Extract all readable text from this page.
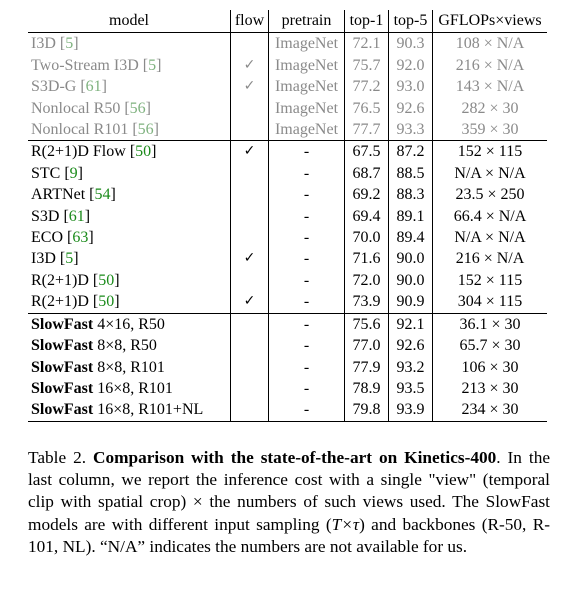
model	flow	pretrain	top-1	top-5	GFLOPs×views
I3D [5]		ImageNet	72.1	90.3	108 × N/A
Two-Stream I3D [5]	✓	ImageNet	75.7	92.0	216 × N/A
S3D-G [61]	✓	ImageNet	77.2	93.0	143 × N/A
Nonlocal R50 [56]		ImageNet	76.5	92.6	282 × 30
Nonlocal R101 [56]		ImageNet	77.7	93.3	359 × 30
R(2+1)D Flow [50]	✓	-	67.5	87.2	152 × 115
STC [9]		-	68.7	88.5	N/A × N/A
ARTNet [54]		-	69.2	88.3	23.5 × 250
S3D [61]		-	69.4	89.1	66.4 × N/A
ECO [63]		-	70.0	89.4	N/A × N/A
I3D [5]	✓	-	71.6	90.0	216 × N/A
R(2+1)D [50]		-	72.0	90.0	152 × 115
R(2+1)D [50]	✓	-	73.9	90.9	304 × 115
SlowFast 4×16, R50		-	75.6	92.1	36.1 × 30
SlowFast 8×8, R50		-	77.0	92.6	65.7 × 30
SlowFast 8×8, R101		-	77.9	93.2	106 × 30
SlowFast 16×8, R101		-	78.9	93.5	213 × 30
SlowFast 16×8, R101+NL		-	79.8	93.9	234 × 30
Table 2. Comparison with the state-of-the-art on Kinetics-400. In the last column, we report the inference cost with a single "view" (temporal clip with spatial crop) × the numbers of such views used. The SlowFast models are with different input sampling (T×τ) and backbones (R-50, R-101, NL). “N/A” indicates the numbers are not available for us.
